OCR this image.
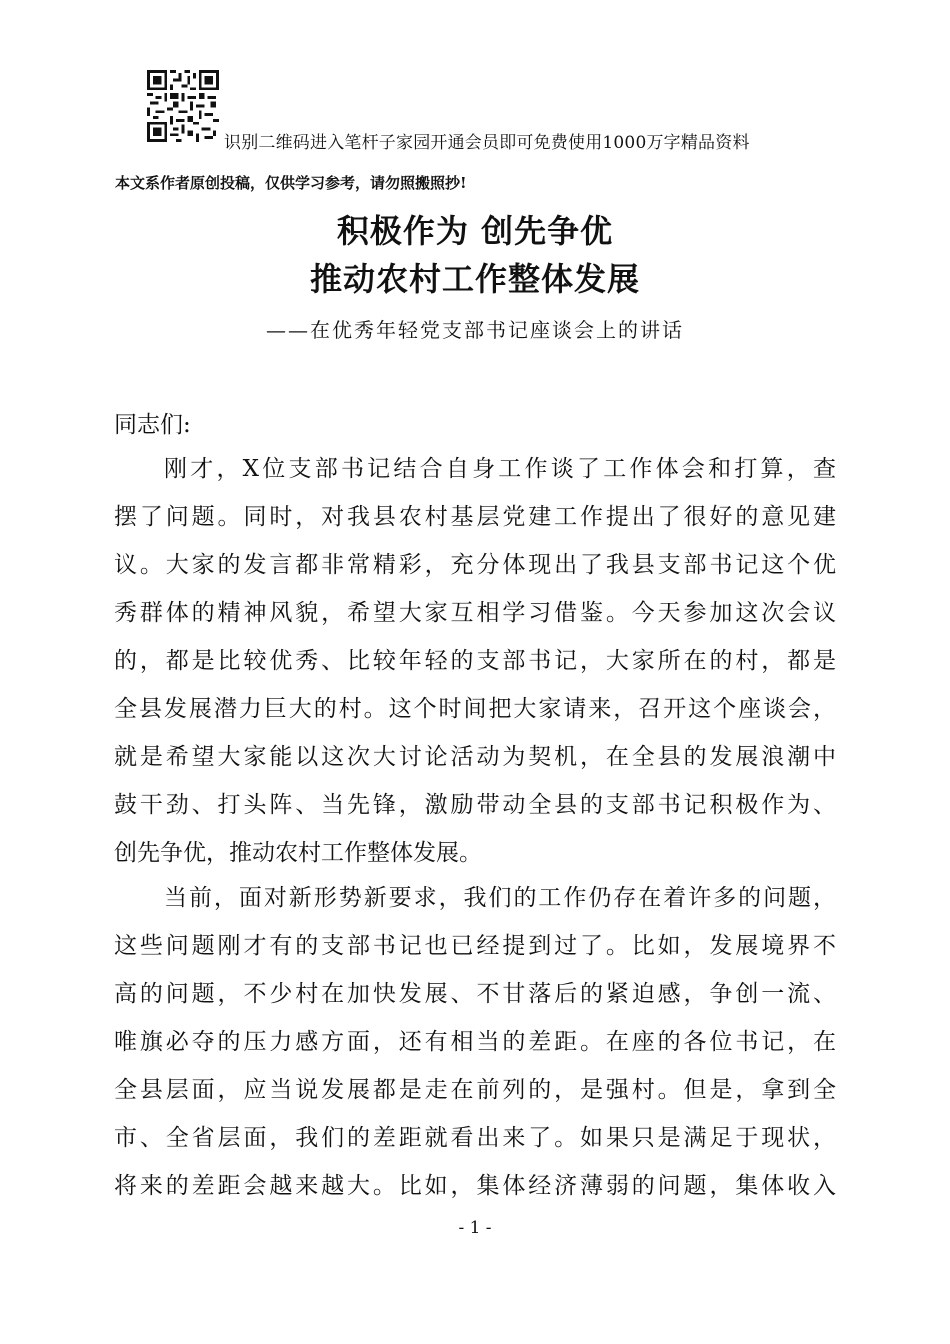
识别二维码进入笔杆子家园开通会员即可免费使用1000万字精品资料
本文系作者原创投稿，仅供学习参考，请勿照搬照抄!
积极作为 创先争优
推动农村工作整体发展
——在优秀年轻党支部书记座谈会上的讲话
同志们:
刚才，X位支部书记结合自身工作谈了工作体会和打算，查
摆了问题。同时，对我县农村基层党建工作提出了很好的意见建
议。大家的发言都非常精彩，充分体现出了我县支部书记这个优
秀群体的精神风貌，希望大家互相学习借鉴。今天参加这次会议
的，都是比较优秀、比较年轻的支部书记，大家所在的村，都是
全县发展潜力巨大的村。这个时间把大家请来，召开这个座谈会，
就是希望大家能以这次大讨论活动为契机，在全县的发展浪潮中
鼓干劲、打头阵、当先锋，激励带动全县的支部书记积极作为、
创先争优，推动农村工作整体发展。
当前，面对新形势新要求，我们的工作仍存在着许多的问题，
这些问题刚才有的支部书记也已经提到过了。比如，发展境界不
高的问题，不少村在加快发展、不甘落后的紧迫感，争创一流、
唯旗必夺的压力感方面，还有相当的差距。在座的各位书记，在
全县层面，应当说发展都是走在前列的，是强村。但是，拿到全
市、全省层面，我们的差距就看出来了。如果只是满足于现状，
将来的差距会越来越大。比如，集体经济薄弱的问题，集体收入
- 1 -
